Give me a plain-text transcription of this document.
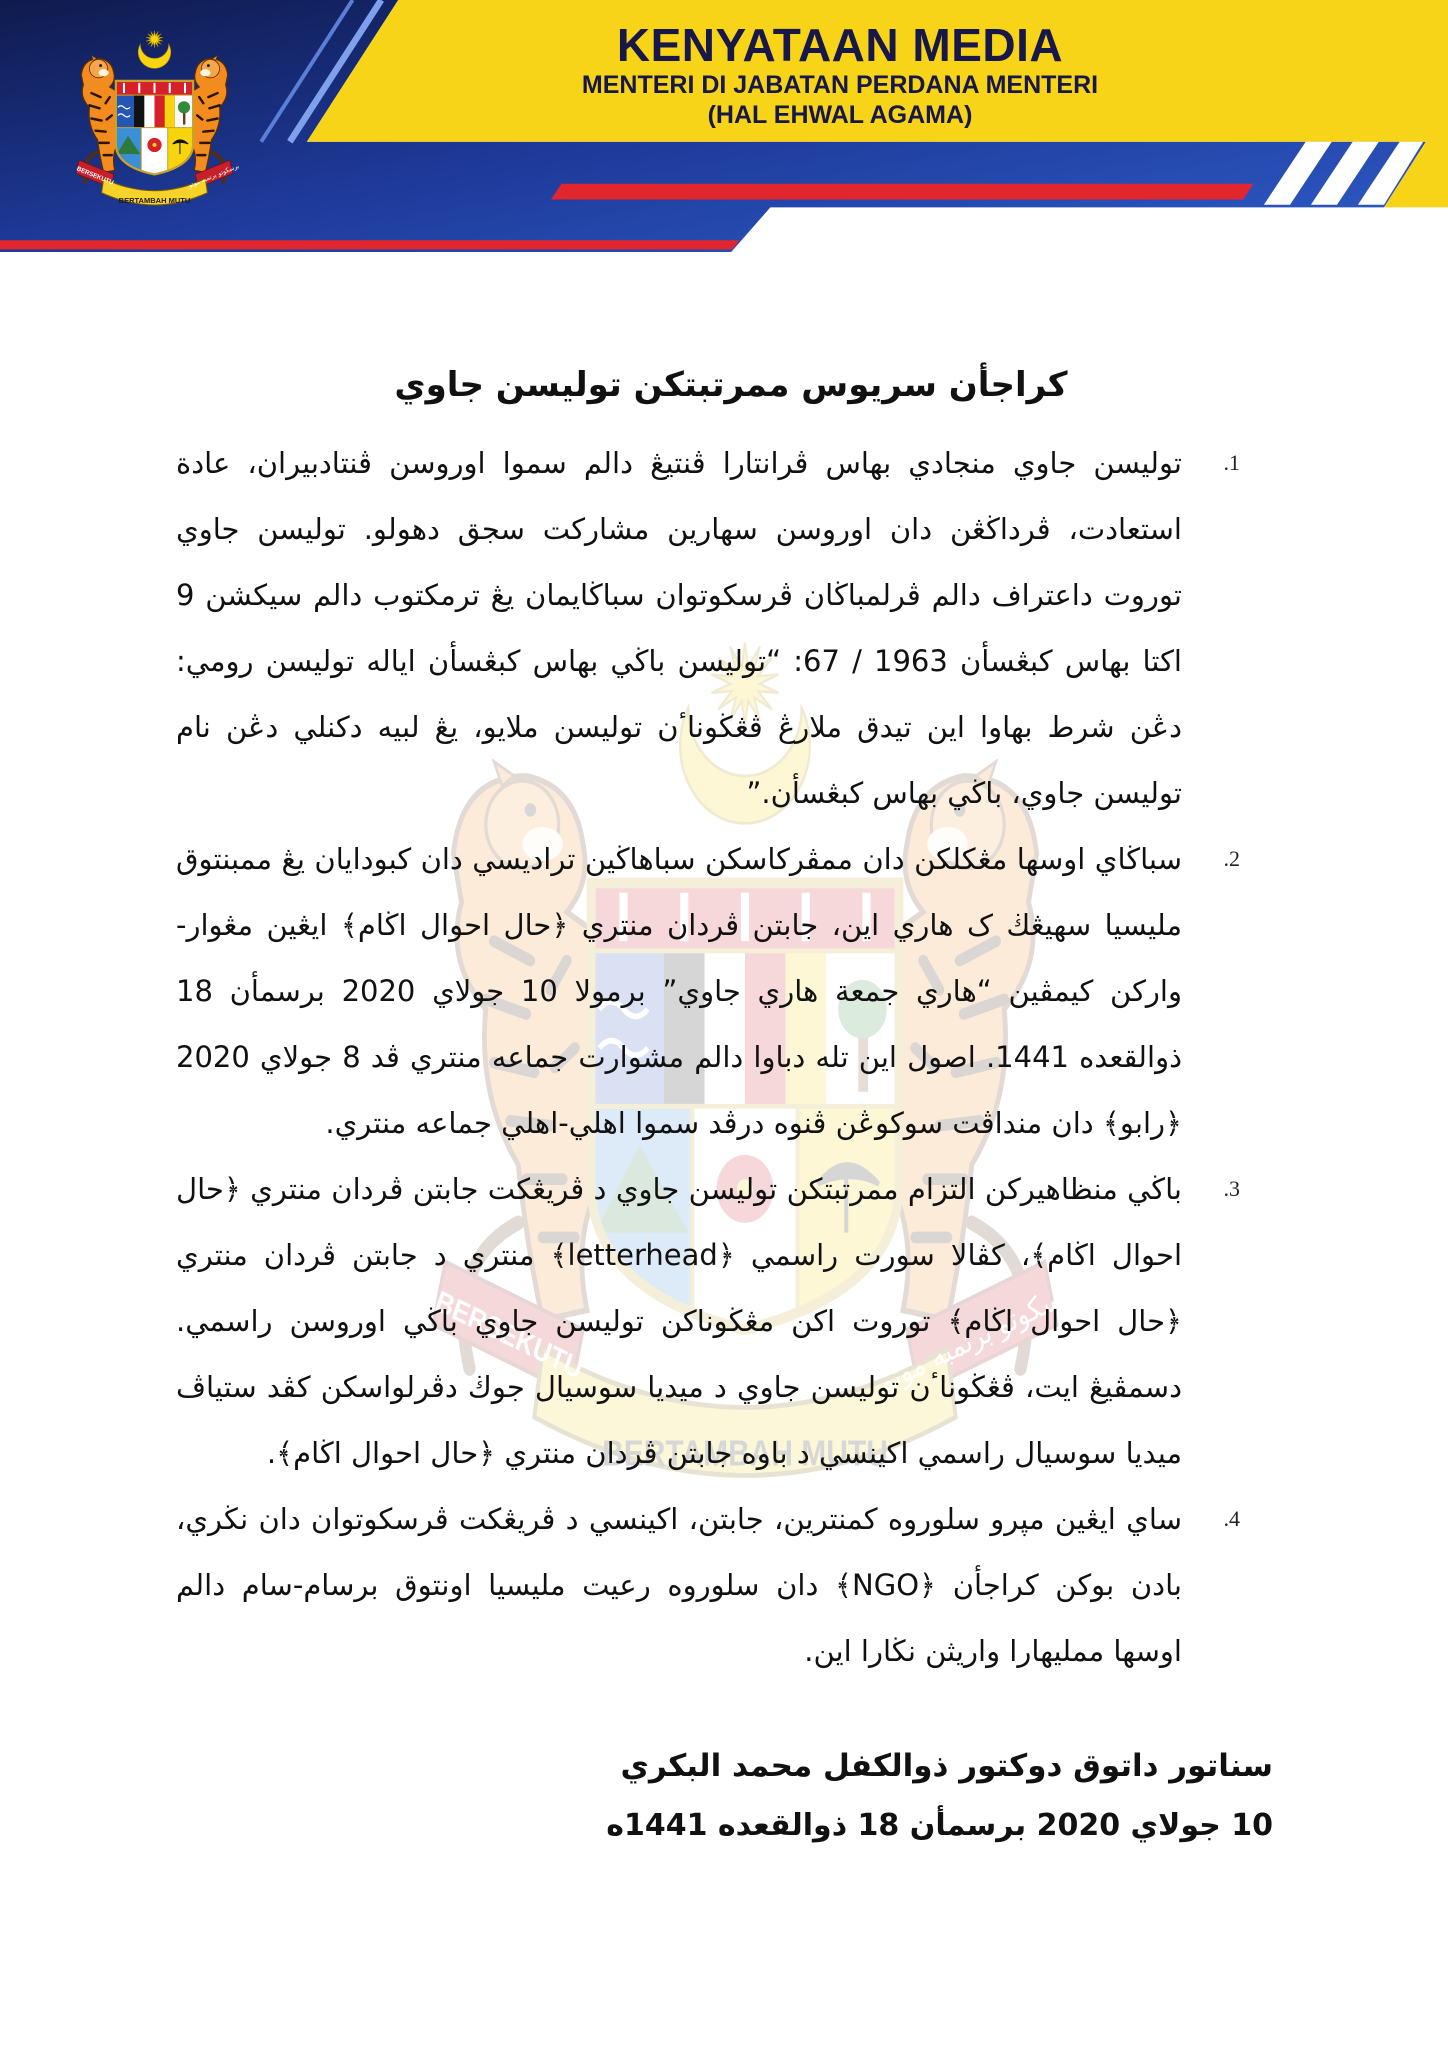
KENYATAAN MEDIA
MENTERI DI JABATAN PERDANA MENTERI
(HAL EHWAL AGAMA)
كراجأن سريوس ممرتبتكن توليسن جاوي
1.
توليسن جاوي منجادي بهاس ڤرانتارا ڤنتيڠ دالم سموا اوروسن ڤنتادبيران، عادة استعادت، ڤرداڬڠن دان اوروسن سهارين مشاركت سجق دهولو. توليسن جاوي توروت داعتراف دالم ڤرلمباڬان ڤرسكوتوان سباڬايمان يڠ ترمكتوب دالم سيكشن 9 اكتا بهاس كبڠسأن 1963 / 67: “توليسن باڬي بهاس كبڠسأن اياله توليسن رومي: دڠن شرط بهاوا اين تيدق ملارڠ ڤڠڬوناٴن توليسن ملايو، يڠ لبيه دكنلي دڠن نام توليسن جاوي، باڬي بهاس كبڠسأن.”
2.
سباڬاي اوسها مڠكلكن دان ممڤركاسكن سباهاڬين تراديسي دان كبودايان يڠ ممبنتوق مليسيا سهيڠڬ ک هاري اين، جابتن ڤردان منتري ﴿حال احوال اڬام﴾ ايڠين مڠوار-واركن كيمڤين “هاري جمعة هاري جاوي” برمولا 10 جولاي 2020 برسمأن 18 ذوالقعده 1441. اصول اين تله دباوا دالم مشوارت جماعه منتري ڤد 8 جولاي 2020 ﴿رابو﴾ دان منداڤت سوكوڠن ڤنوه درڤد سموا اهلي-اهلي جماعه منتري.
3.
باڬي منظاهيركن التزام ممرتبتكن توليسن جاوي د ڤريڠكت جابتن ڤردان منتري ﴿حال احوال اڬام﴾، كڤالا سورت راسمي ﴿letterhead﴾ منتري د جابتن ڤردان منتري ﴿حال احوال اڬام﴾ توروت اكن مڠڬوناكن توليسن جاوي باڬي اوروسن راسمي. دسمڤيڠ ايت، ڤڠڬوناٴن توليسن جاوي د ميديا سوسيال جوڬ دڤرلواسكن كڤد ستياڤ ميديا سوسيال راسمي اكينسي د باوه جابتن ڤردان منتري ﴿حال احوال اڬام﴾.
4.
ساي ايڠين مپرو سلوروه كمنترين، جابتن، اكينسي د ڤريڠكت ڤرسكوتوان دان نڬري، بادن بوكن كراجأن ﴿NGO﴾ دان سلوروه رعيت مليسيا اونتوق برسام-سام دالم اوسها ممليهارا واريثن نڬارا اين.
سناتور داتوق دوكتور ذوالكفل محمد البكري
10 جولاي 2020 برسمأن 18 ذوالقعده 1441ه
